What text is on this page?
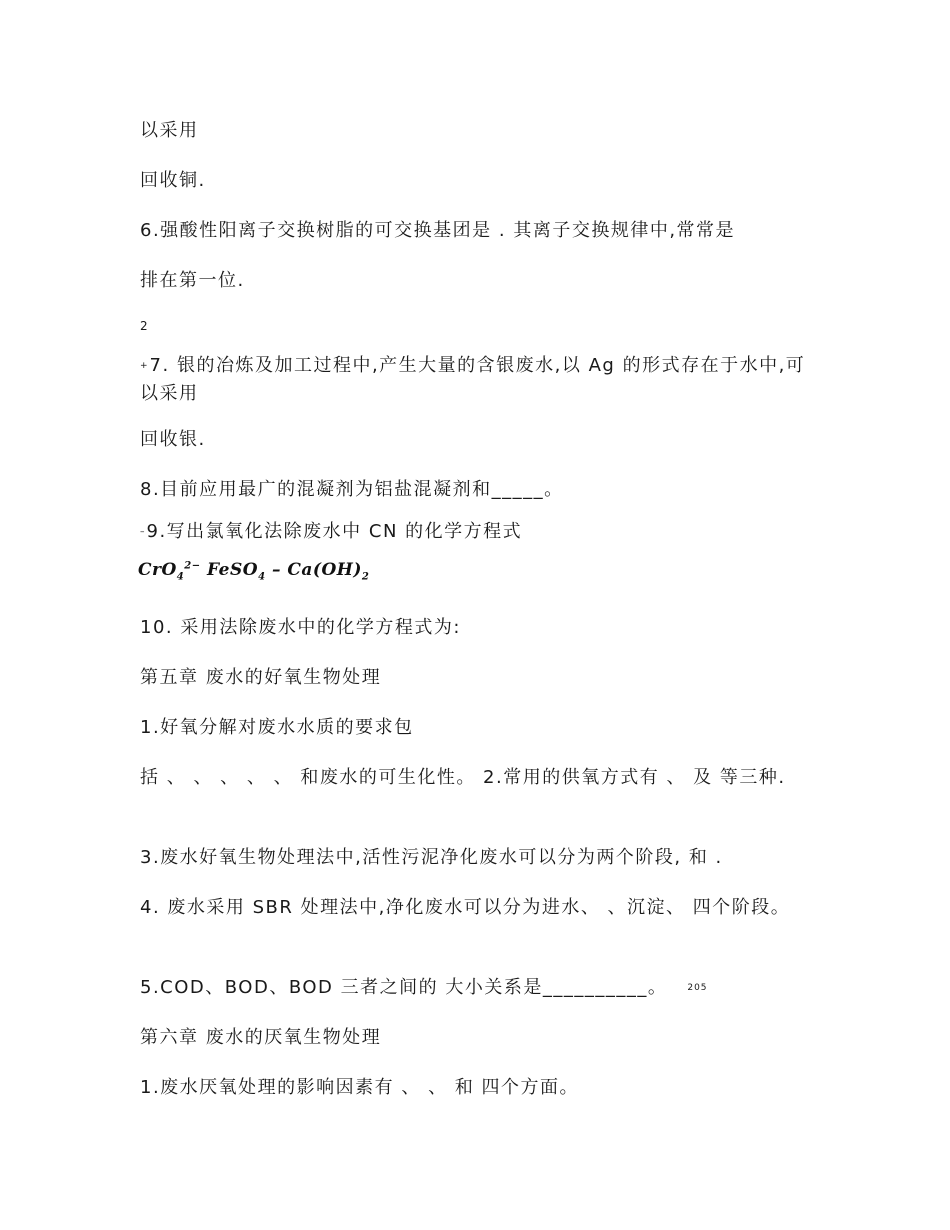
以采用
回收铜.
6.强酸性阳离子交换树脂的可交换基团是 . 其离子交换规律中,常常是
排在第一位.
2
+ 7. 银的冶炼及加工过程中,产生大量的含银废水,以 Ag 的形式存在于水中,可以采用
回收银.
8.目前应用最广的混凝剂为铝盐混凝剂和_____。
– 9.写出氯氧化法除废水中 CN 的化学方程式
CrO$_4^{2-}$ FeSO$_4$ – $Ca(OH)_2$
10. 采用法除废水中的化学方程式为:
第五章 废水的好氧生物处理
1.好氧分解对废水水质的要求包
括 、 、 、 、 、 和废水的可生化性。 2.常用的供氧方式有 、 及 等三种.
3.废水好氧生物处理法中,活性污泥净化废水可以分为两个阶段, 和 .
4. 废水采用 SBR 处理法中,净化废水可以分为进水、 、沉淀、 四个阶段。
5.COD、BOD、BOD 三者之间的 大小关系是__________。 205
第六章 废水的厌氧生物处理
1.废水厌氧处理的影响因素有 、 、 和 四个方面。
